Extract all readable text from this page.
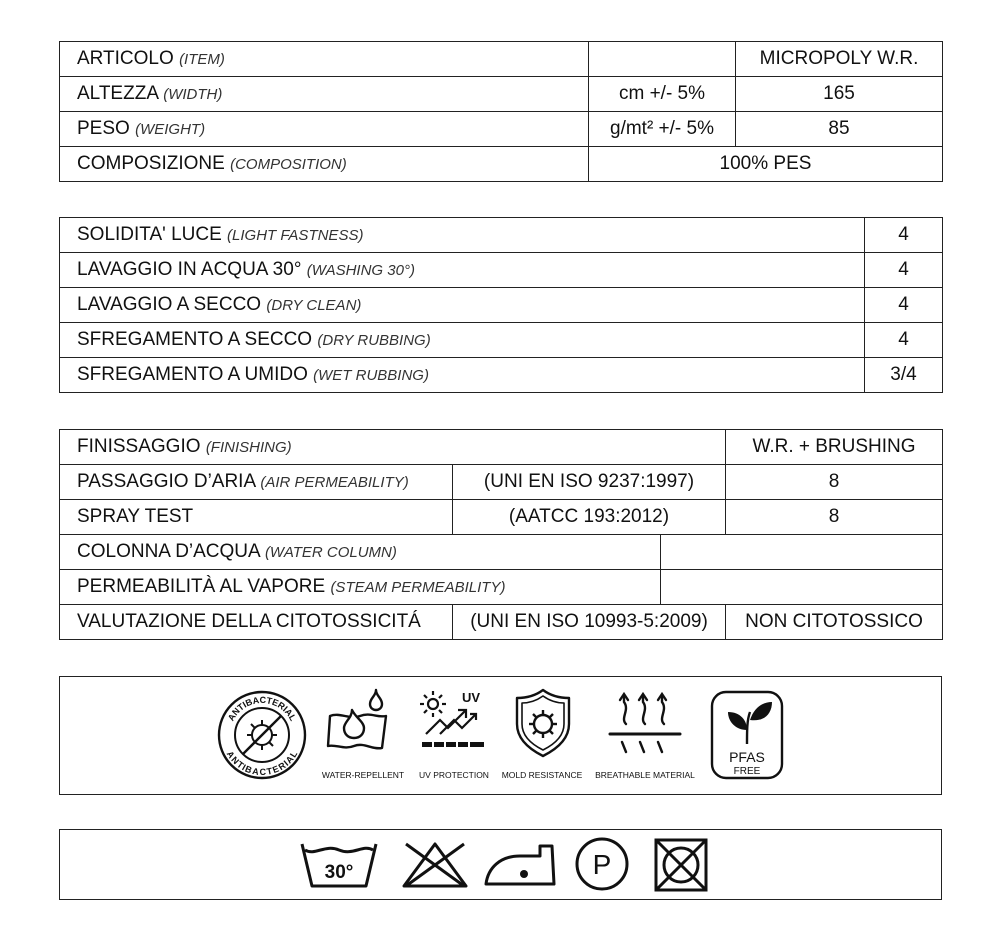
ARTICOLO (ITEM)		MICROPOLY W.R.
ALTEZZA (WIDTH)	cm +/- 5%	165
PESO (WEIGHT)	g/mt² +/- 5%	85
COMPOSIZIONE (COMPOSITION)	100% PES	
SOLIDITA' LUCE (LIGHT FASTNESS)	4
LAVAGGIO IN ACQUA 30° (WASHING 30°)	4
LAVAGGIO A SECCO (DRY CLEAN)	4
SFREGAMENTO A SECCO (DRY RUBBING)	4
SFREGAMENTO A UMIDO (WET RUBBING)	3/4
FINISSAGGIO (FINISHING)			W.R. + BRUSHING
PASSAGGIO D’ARIA (AIR PERMEABILITY)	(UNI EN ISO 9237:1997)		8
SPRAY TEST	(AATCC 193:2012)		8
COLONNA D’ACQUA (WATER COLUMN)			
PERMEABILITÀ AL VAPORE (STEAM PERMEABILITY)			
VALUTAZIONE DELLA CITOTOSSICITÁ	(UNI EN ISO 10993-5:2009)		NON CITOTOSSICO
ANTIBACTERIAL
ANTIBACTERIAL
WATER-REPELLENT
UV
UV PROTECTION	MOLD RESISTANCE	BREATHABLE MATERIAL
PFAS
FREE
30°	P
